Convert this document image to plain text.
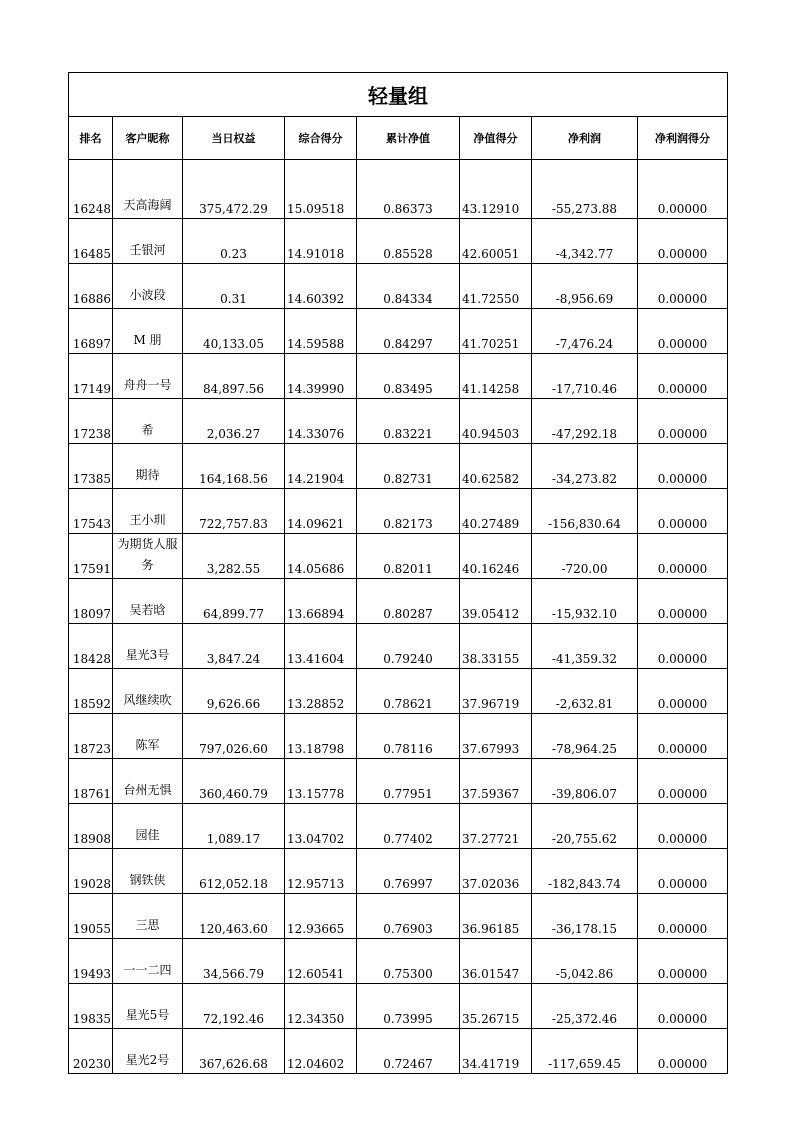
轻量组							
排名	客户昵称	当日权益	综合得分	累计净值	净值得分	净利润	净利润得分
16248	天高海阔	375,472.29	15.09518	0.86373	43.12910	-55,273.88	0.00000
16485	壬银河	0.23	14.91018	0.85528	42.60051	-4,342.77	0.00000
16886	小波段	0.31	14.60392	0.84334	41.72550	-8,956.69	0.00000
16897	M 朋	40,133.05	14.59588	0.84297	41.70251	-7,476.24	0.00000
17149	舟舟一号	84,897.56	14.39990	0.83495	41.14258	-17,710.46	0.00000
17238	希	2,036.27	14.33076	0.83221	40.94503	-47,292.18	0.00000
17385	期待	164,168.56	14.21904	0.82731	40.62582	-34,273.82	0.00000
17543	王小玔	722,757.83	14.09621	0.82173	40.27489	-156,830.64	0.00000
17591	为期货人服务	3,282.55	14.05686	0.82011	40.16246	-720.00	0.00000
18097	吴若晗	64,899.77	13.66894	0.80287	39.05412	-15,932.10	0.00000
18428	星光3号	3,847.24	13.41604	0.79240	38.33155	-41,359.32	0.00000
18592	风继续吹	9,626.66	13.28852	0.78621	37.96719	-2,632.81	0.00000
18723	陈军	797,026.60	13.18798	0.78116	37.67993	-78,964.25	0.00000
18761	台州无惧	360,460.79	13.15778	0.77951	37.59367	-39,806.07	0.00000
18908	园佳	1,089.17	13.04702	0.77402	37.27721	-20,755.62	0.00000
19028	钢铁侠	612,052.18	12.95713	0.76997	37.02036	-182,843.74	0.00000
19055	三思	120,463.60	12.93665	0.76903	36.96185	-36,178.15	0.00000
19493	一一二四	34,566.79	12.60541	0.75300	36.01547	-5,042.86	0.00000
19835	星光5号	72,192.46	12.34350	0.73995	35.26715	-25,372.46	0.00000
20230	星光2号	367,626.68	12.04602	0.72467	34.41719	-117,659.45	0.00000
